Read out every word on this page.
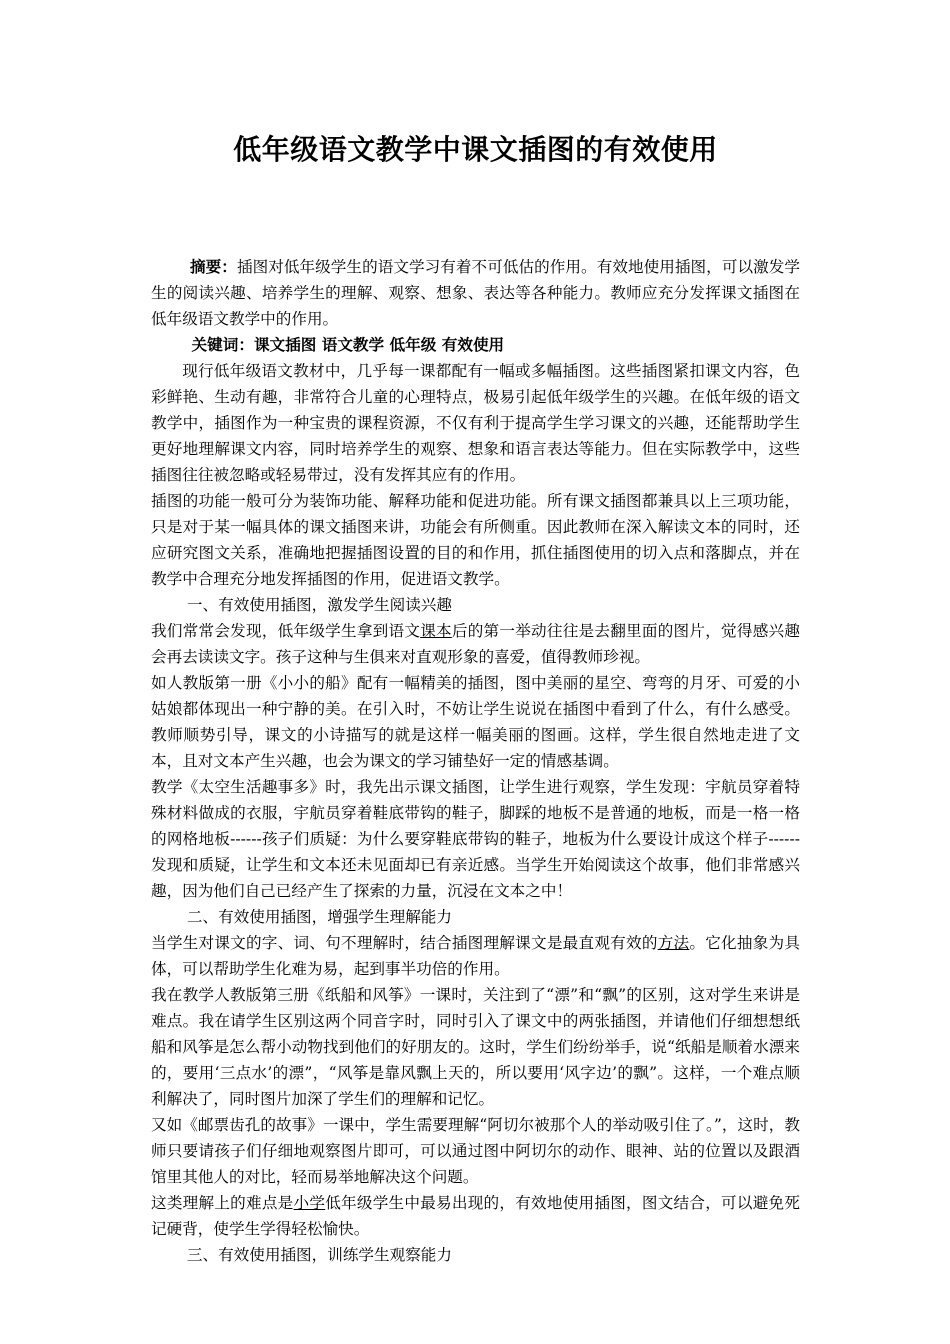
低年级语文教学中课文插图的有效使用

摘要：插图对低年级学生的语文学习有着不可低估的作用。有效地使用插图，可以激发学生的阅读兴趣、培养学生的理解、观察、想象、表达等各种能力。教师应充分发挥课文插图在低年级语文教学中的作用。

关键词：课文插图 语文教学 低年级 有效使用

现行低年级语文教材中，几乎每一课都配有一幅或多幅插图。这些插图紧扣课文内容，色彩鲜艳、生动有趣，非常符合儿童的心理特点，极易引起低年级学生的兴趣。在低年级的语文教学中，插图作为一种宝贵的课程资源，不仅有利于提高学生学习课文的兴趣，还能帮助学生更好地理解课文内容，同时培养学生的观察、想象和语言表达等能力。但在实际教学中，这些插图往往被忽略或轻易带过，没有发挥其应有的作用。

插图的功能一般可分为装饰功能、解释功能和促进功能。所有课文插图都兼具以上三项功能，只是对于某一幅具体的课文插图来讲，功能会有所侧重。因此教师在深入解读文本的同时，还应研究图文关系，准确地把握插图设置的目的和作用，抓住插图使用的切入点和落脚点，并在教学中合理充分地发挥插图的作用，促进语文教学。

一、有效使用插图，激发学生阅读兴趣

我们常常会发现，低年级学生拿到语文课本后的第一举动往往是去翻里面的图片，觉得感兴趣会再去读读文字。孩子这种与生俱来对直观形象的喜爱，值得教师珍视。

如人教版第一册《小小的船》配有一幅精美的插图，图中美丽的星空、弯弯的月牙、可爱的小姑娘都体现出一种宁静的美。在引入时，不妨让学生说说在插图中看到了什么，有什么感受。教师顺势引导，课文的小诗描写的就是这样一幅美丽的图画。这样，学生很自然地走进了文本，且对文本产生兴趣，也会为课文的学习铺垫好一定的情感基调。

教学《太空生活趣事多》时，我先出示课文插图，让学生进行观察，学生发现：宇航员穿着特殊材料做成的衣服，宇航员穿着鞋底带钩的鞋子，脚踩的地板不是普通的地板，而是一格一格的网格地板------孩子们质疑：为什么要穿鞋底带钩的鞋子，地板为什么要设计成这个样子------发现和质疑，让学生和文本还未见面却已有亲近感。当学生开始阅读这个故事，他们非常感兴趣，因为他们自己已经产生了探索的力量，沉浸在文本之中！

二、有效使用插图，增强学生理解能力

当学生对课文的字、词、句不理解时，结合插图理解课文是最直观有效的方法。它化抽象为具体，可以帮助学生化难为易，起到事半功倍的作用。

我在教学人教版第三册《纸船和风筝》一课时，关注到了“漂”和“飘”的区别，这对学生来讲是难点。我在请学生区别这两个同音字时，同时引入了课文中的两张插图，并请他们仔细想想纸船和风筝是怎么帮小动物找到他们的好朋友的。这时，学生们纷纷举手，说“纸船是顺着水漂来的，要用‘三点水’的漂”，“风筝是靠风飘上天的，所以要用‘风字边’的飘”。这样，一个难点顺利解决了，同时图片加深了学生们的理解和记忆。

又如《邮票齿孔的故事》一课中，学生需要理解“阿切尔被那个人的举动吸引住了。”，这时，教师只要请孩子们仔细地观察图片即可，可以通过图中阿切尔的动作、眼神、站的位置以及跟酒馆里其他人的对比，轻而易举地解决这个问题。

这类理解上的难点是小学低年级学生中最易出现的，有效地使用插图，图文结合，可以避免死记硬背，使学生学得轻松愉快。

三、有效使用插图，训练学生观察能力
